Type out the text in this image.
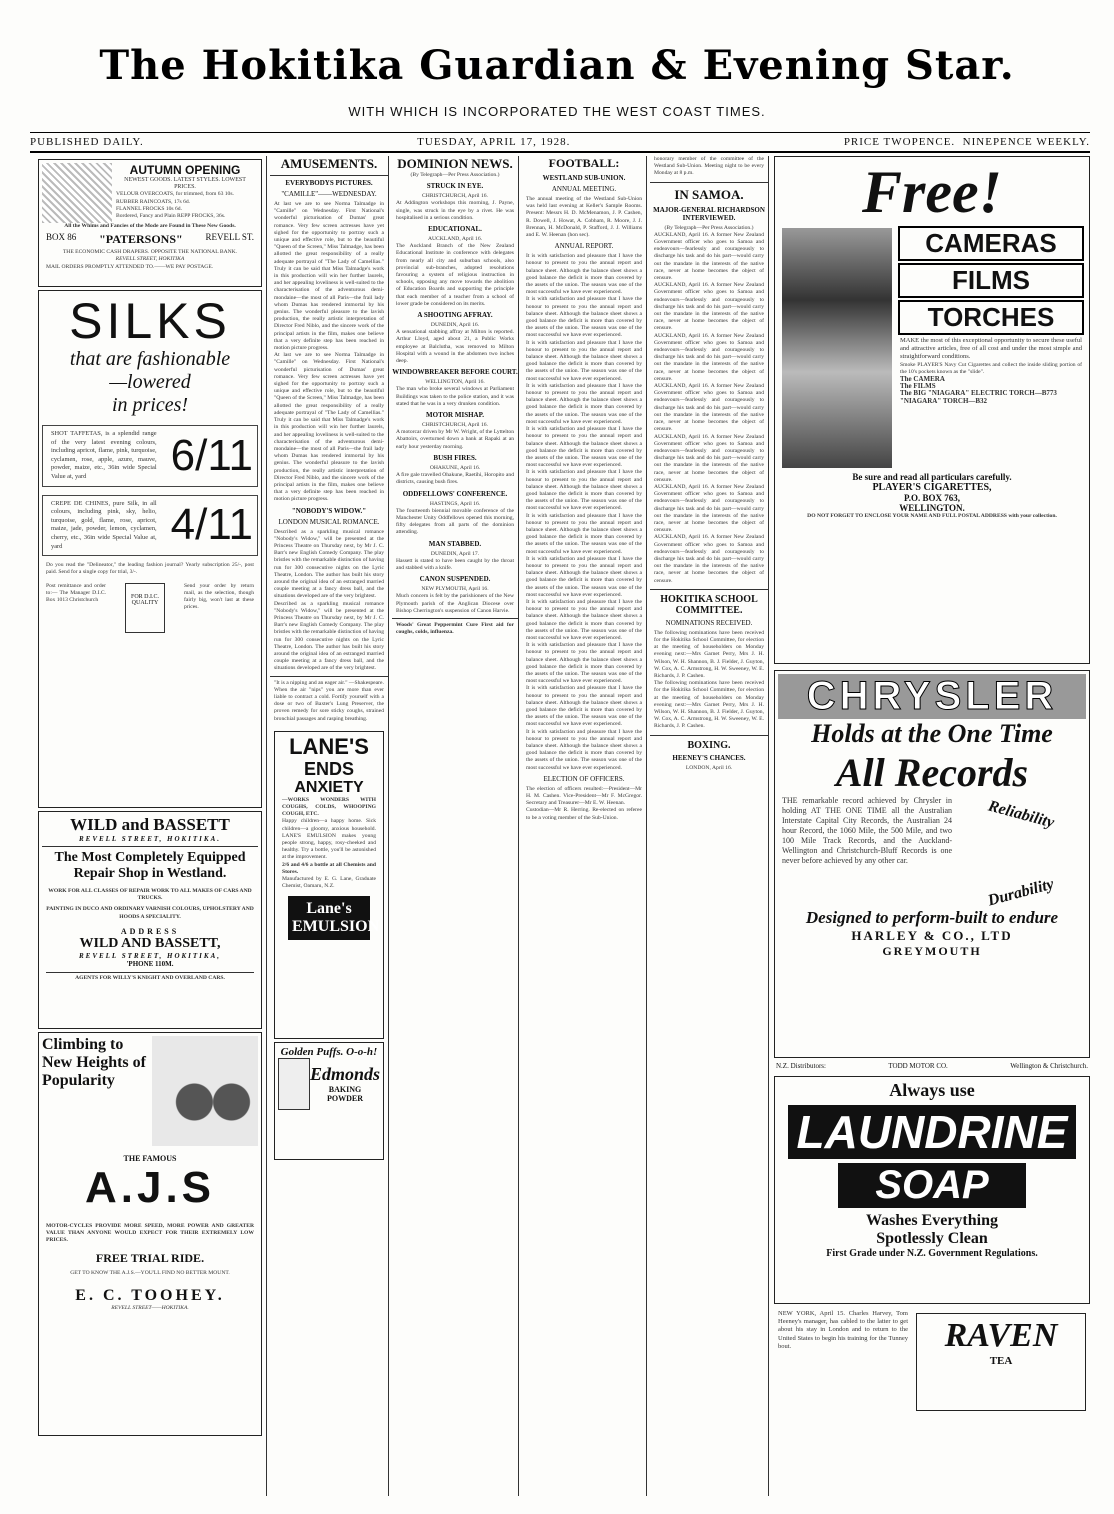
The Hokitika Guardian & Evening Star.
WITH WHICH IS INCORPORATED THE WEST COAST TIMES.
PUBLISHED DAILY.	TUESDAY, APRIL 17, 1928.	PRICE TWOPENCE. NINEPENCE WEEKLY.
AUTUMN OPENING
NEWEST GOODS. LATEST STYLES. LOWEST PRICES.
VELOUR OVERCOATS, for trimmed, from 63 10s.
RUBBER RAINCOATS, 17s 6d.
FLANNEL FROCKS 10s 6d.
Bordered, Fancy and Plain REPP FROCKS, 36s.
All the Whims and Fancies of the Mode are Found in These New Goods.
BOX 86 "PATERSONS"	REVELL ST.
THE ECONOMIC CASH DRAPERS. OPPOSITE THE NATIONAL BANK.
REVELL STREET, HOKITIKA
MAIL ORDERS PROMPTLY ATTENDED TO.——WE PAY POSTAGE.
SILKS
that are fashionable
—lowered
in prices!
SHOT TAFFETAS, is a splendid range of the very latest evening colours, including apricot, flame, pink, turquoise, cyclamen, rose, apple, azure, mauve, powder, maize, etc., 36in wide Special Value at, yard	6/11
CREPE DE CHINES, pure Silk, in all colours, including pink, sky, helio, turquoise, gold, flame, rose, apricot, maize, jade, powder, lemon, cyclamen, cherry, etc., 36in wide Special Value at, yard	4/11
Do you read the "Delineator," the leading fashion journal? Yearly subscription 25/-, post paid. Send for a single copy for trial, 3/-.
Post remittance and order to:— The Manager D.I.C. Box 1013 Christchurch
FOR D.I.C. QUALITY
Send your order by return mail, as the selection, though fairly big, won't last at these prices.
WILD and BASSETT
REVELL STREET, HOKITIKA.
The Most Completely Equipped Repair Shop in Westland.
WORK FOR ALL CLASSES OF REPAIR WORK TO ALL MAKES OF CARS AND TRUCKS.
PAINTING IN DUCO AND ORDINARY VARNISH COLOURS, UPHOLSTERY AND HOODS A SPECIALITY.
ADDRESS
WILD AND BASSETT,
REVELL STREET, HOKITIKA,
'PHONE 110M.
AGENTS FOR WILLY'S KNIGHT AND OVERLAND CARS.
Climbing to New Heights of Popularity
THE FAMOUS
A.J.S
MOTOR-CYCLES PROVIDE MORE SPEED, MORE POWER AND GREATER VALUE THAN ANYONE WOULD EXPECT FOR THEIR EXTREMELY LOW PRICES.
FREE TRIAL RIDE.
GET TO KNOW THE A.J.S.—YOU'LL FIND NO BETTER MOUNT.
E. C. TOOHEY.
REVELL STREET——HOKITIKA.
AMUSEMENTS.
EVERYBODYS PICTURES.
"CAMILLE"——WEDNESDAY.
At last we are to see Norma Talmadge in "Camille" on Wednesday. First National's wonderful picturisation of Dumas' great romance. Very few screen actresses have yet sighed for the opportunity to portray such a unique and effective role, but to the beautiful "Queen of the Screen," Miss Talmadge, has been allotted the great responsibility of a really adequate portrayal of "The Lady of Camellias." Truly it can be said that Miss Talmadge's work in this production will win her further laurels, and her appealing loveliness is well-suited to the characterisation of the adventurous demi-mondaine—the most of all Paris—the frail lady whom Dumas has rendered immortal by his genius. The wonderful pleasure to the lavish production, the really artistic interpretation of Director Fred Niblo, and the sincere work of the principal artists in the film, makes one believe that a very definite step has been reached in motion picture progress.
At last we are to see Norma Talmadge in "Camille" on Wednesday. First National's wonderful picturisation of Dumas' great romance. Very few screen actresses have yet sighed for the opportunity to portray such a unique and effective role, but to the beautiful "Queen of the Screen," Miss Talmadge, has been allotted the great responsibility of a really adequate portrayal of "The Lady of Camellias." Truly it can be said that Miss Talmadge's work in this production will win her further laurels, and her appealing loveliness is well-suited to the characterisation of the adventurous demi-mondaine—the most of all Paris—the frail lady whom Dumas has rendered immortal by his genius. The wonderful pleasure to the lavish production, the really artistic interpretation of Director Fred Niblo, and the sincere work of the principal artists in the film, makes one believe that a very definite step has been reached in motion picture progress.
"NOBODY'S WIDOW."
LONDON MUSICAL ROMANCE.
Described as a sparkling musical romance "Nobody's Widow," will be presented at the Princess Theatre on Thursday next, by Mr J. C. Barr's new English Comedy Company. The play bristles with the remarkable distinction of having run for 300 consecutive nights on the Lyric Theatre, London. The author has built his story around the original idea of an estranged married couple meeting at a fancy dress ball, and the situations developed are of the very brightest.
Described as a sparkling musical romance "Nobody's Widow," will be presented at the Princess Theatre on Thursday next, by Mr J. C. Barr's new English Comedy Company. The play bristles with the remarkable distinction of having run for 300 consecutive nights on the Lyric Theatre, London. The author has built his story around the original idea of an estranged married couple meeting at a fancy dress ball, and the situations developed are of the very brightest.
"It is a nipping and an eager air." —Shakespeare.
When the air "nips" you are more than ever liable to contract a cold. Fortify yourself with a dose or two of Baxter's Lung Preserver, the proven remedy for sore sticky coughs, strained bronchial passages and rasping breathing.
LANE'S
ENDS
ANXIETY
—WORKS WONDERS WITH COUGHS, COLDS, WHOOPING COUGH, ETC.
Happy children—a happy home. Sick children—a gloomy, anxious household. LANE'S EMULSION makes young people strong, happy, rosy-cheeked and healthy. Try a bottle, you'll be astonished at the improvement.
2/6 and 4/6 a bottle at all Chemists and Stores.
Manufactured by E. G. Lane, Graduate Chemist, Oamaru, N.Z.
Lane's EMULSION
Golden Puffs. O-o-h!
Edmonds
BAKING POWDER
DOMINION NEWS.
(By Telegraph—Per Press Association.)
STRUCK IN EYE.
CHRISTCHURCH, April 16.
At Addington workshops this morning, J. Payne, single, was struck in the eye by a rivet. He was hospitalised in a serious condition.
EDUCATIONAL.
AUCKLAND, April 16.
The Auckland Branch of the New Zealand Educational Institute in conference with delegates from nearly all city and suburban schools, also provincial sub-branches, adopted resolutions favouring a system of religious instruction in schools, opposing any move towards the abolition of Education Boards and supporting the principle that each member of a teacher from a school of lower grade be considered on its merits.
A SHOOTING AFFRAY.
DUNEDIN, April 16.
A sensational stabbing affray at Milton is reported. Arthur Lloyd, aged about 21, a Public Works employee at Balclutha, was removed to Milton Hospital with a wound in the abdomen two inches deep.
WINDOWBREAKER BEFORE COURT.
WELLINGTON, April 16.
The man who broke several windows at Parliament Buildings was taken to the police station, and it was stated that he was in a very drunken condition.
MOTOR MISHAP.
CHRISTCHURCH, April 16.
A motorcar driven by Mr W. Wright, of the Lyttelton Abattoirs, overturned down a bank at Rapaki at an early hour yesterday morning.
BUSH FIRES.
OHAKUNE, April 16.
A fire gale travelled Ohakune, Raetihi, Horopito and districts, causing bush fires.
ODDFELLOWS' CONFERENCE.
HASTINGS, April 16.
The fourteenth biennial movable conference of the Manchester Unity Oddfellows opened this morning, fifty delegates from all parts of the dominion attending.
MAN STABBED.
DUNEDIN, April 17.
Hassett is stated to have been caught by the throat and stabbed with a knife.
CANON SUSPENDED.
NEW PLYMOUTH, April 16.
Much concern is felt by the parishioners of the New Plymouth parish of the Anglican Diocese over Bishop Cherrington's suspension of Canon Harvie.
Woods' Great Peppermint Cure First aid for coughs, colds, influenza.
FOOTBALL:
WESTLAND SUB-UNION.
ANNUAL MEETING.
The annual meeting of the Westland Sub-Union was held last evening at Keller's Sample Rooms. Present: Messrs H. D. McMenamon, J. P. Cashen, R. Dowell, J. Howat, A. Cobham, R. Moore, J. J. Brennan, H. McDonald, P. Stafford, J. J. Williams and E. W. Heenan (hon sec).
ANNUAL REPORT.
It is with satisfaction and pleasure that I have the honour to present to you the annual report and balance sheet. Although the balance sheet shows a good balance the deficit is more than covered by the assets of the union. The season was one of the most successful we have ever experienced.
It is with satisfaction and pleasure that I have the honour to present to you the annual report and balance sheet. Although the balance sheet shows a good balance the deficit is more than covered by the assets of the union. The season was one of the most successful we have ever experienced.
It is with satisfaction and pleasure that I have the honour to present to you the annual report and balance sheet. Although the balance sheet shows a good balance the deficit is more than covered by the assets of the union. The season was one of the most successful we have ever experienced.
It is with satisfaction and pleasure that I have the honour to present to you the annual report and balance sheet. Although the balance sheet shows a good balance the deficit is more than covered by the assets of the union. The season was one of the most successful we have ever experienced.
It is with satisfaction and pleasure that I have the honour to present to you the annual report and balance sheet. Although the balance sheet shows a good balance the deficit is more than covered by the assets of the union. The season was one of the most successful we have ever experienced.
It is with satisfaction and pleasure that I have the honour to present to you the annual report and balance sheet. Although the balance sheet shows a good balance the deficit is more than covered by the assets of the union. The season was one of the most successful we have ever experienced.
It is with satisfaction and pleasure that I have the honour to present to you the annual report and balance sheet. Although the balance sheet shows a good balance the deficit is more than covered by the assets of the union. The season was one of the most successful we have ever experienced.
It is with satisfaction and pleasure that I have the honour to present to you the annual report and balance sheet. Although the balance sheet shows a good balance the deficit is more than covered by the assets of the union. The season was one of the most successful we have ever experienced.
It is with satisfaction and pleasure that I have the honour to present to you the annual report and balance sheet. Although the balance sheet shows a good balance the deficit is more than covered by the assets of the union. The season was one of the most successful we have ever experienced.
It is with satisfaction and pleasure that I have the honour to present to you the annual report and balance sheet. Although the balance sheet shows a good balance the deficit is more than covered by the assets of the union. The season was one of the most successful we have ever experienced.
It is with satisfaction and pleasure that I have the honour to present to you the annual report and balance sheet. Although the balance sheet shows a good balance the deficit is more than covered by the assets of the union. The season was one of the most successful we have ever experienced.
It is with satisfaction and pleasure that I have the honour to present to you the annual report and balance sheet. Although the balance sheet shows a good balance the deficit is more than covered by the assets of the union. The season was one of the most successful we have ever experienced.
ELECTION OF OFFICERS.
The election of officers resulted:—President—Mr H. M. Cashen. Vice-President—Mr F. McGregor. Secretary and Treasurer—Mr E. W. Heenan.
Custodian—Mr R. Herring. Re-elected on referee to be a voting member of the Sub-Union.
honorary member of the committee of the Westland Sub-Union. Meeting night to be every Monday at 8 p.m.
IN SAMOA.
MAJOR-GENERAL RICHARDSON INTERVIEWED.
(By Telegraph—Per Press Association.)
AUCKLAND, April 16. A former New Zealand Government officer who goes to Samoa and endeavours—fearlessly and courageously to discharge his task and do his part—would carry out the mandate in the interests of the native race, never at home becomes the object of censure.
AUCKLAND, April 16. A former New Zealand Government officer who goes to Samoa and endeavours—fearlessly and courageously to discharge his task and do his part—would carry out the mandate in the interests of the native race, never at home becomes the object of censure.
AUCKLAND, April 16. A former New Zealand Government officer who goes to Samoa and endeavours—fearlessly and courageously to discharge his task and do his part—would carry out the mandate in the interests of the native race, never at home becomes the object of censure.
AUCKLAND, April 16. A former New Zealand Government officer who goes to Samoa and endeavours—fearlessly and courageously to discharge his task and do his part—would carry out the mandate in the interests of the native race, never at home becomes the object of censure.
AUCKLAND, April 16. A former New Zealand Government officer who goes to Samoa and endeavours—fearlessly and courageously to discharge his task and do his part—would carry out the mandate in the interests of the native race, never at home becomes the object of censure.
AUCKLAND, April 16. A former New Zealand Government officer who goes to Samoa and endeavours—fearlessly and courageously to discharge his task and do his part—would carry out the mandate in the interests of the native race, never at home becomes the object of censure.
AUCKLAND, April 16. A former New Zealand Government officer who goes to Samoa and endeavours—fearlessly and courageously to discharge his task and do his part—would carry out the mandate in the interests of the native race, never at home becomes the object of censure.
HOKITIKA SCHOOL COMMITTEE.
NOMINATIONS RECEIVED.
The following nominations have been received for the Hokitika School Committee, for election at the meeting of householders on Monday evening next:—Mrs Garnet Perry, Mrs J. H. Wilson, W. H. Shannon, B. J. Fielder, J. Guyton, W. Cox, A. C. Armstrong, H. W. Sweeney, W. E. Richards, J. P. Cashen.
The following nominations have been received for the Hokitika School Committee, for election at the meeting of householders on Monday evening next:—Mrs Garnet Perry, Mrs J. H. Wilson, W. H. Shannon, B. J. Fielder, J. Guyton, W. Cox, A. C. Armstrong, H. W. Sweeney, W. E. Richards, J. P. Cashen.
BOXING.
HEENEY'S CHANCES.
LONDON, April 16.
Free!
CAMERAS
FILMS
TORCHES
MAKE the most of this exceptional opportunity to secure these useful and attractive articles, free of all cost and under the most simple and straightforward conditions.
Smoke PLAYER'S Navy Cut Cigarettes and collect the inside sliding portion of the 10's pockets known as the "slide".
The CAMERA
The FILMS
The BIG "NIAGARA" ELECTRIC TORCH—B773
"NIAGARA" TORCH—B32
Be sure and read all particulars carefully.
PLAYER'S CIGARETTES,
P.O. BOX 763,
WELLINGTON.
DO NOT FORGET TO ENCLOSE YOUR NAME AND FULL POSTAL ADDRESS with your collection.
CHRYSLER
Holds at the One Time
All Records
THE remarkable record achieved by Chrysler in holding AT THE ONE TIME all the Australian Interstate Capital City Records, the Australian 24 hour Record, the 1060 Mile, the 500 Mile, and two 100 Mile Track Records, and the Auckland-Wellington and Christchurch-Bluff Records is one never before achieved by any other car.
Reliability
Durability
Designed to perform-built to endure
HARLEY & CO., LTD
GREYMOUTH
N.Z. Distributors:	TODD MOTOR CO.	Wellington & Christchurch.
Always use
LAUNDRINE
SOAP
Washes Everything
Spotlessly Clean
First Grade under N.Z. Government Regulations.
NEW YORK, April 15. Charles Harvey, Tom Heeney's manager, has cabled to the latter to get about his stay in London and to return to the United States to begin his training for the Tunney bout.	RAVEN
TEA
